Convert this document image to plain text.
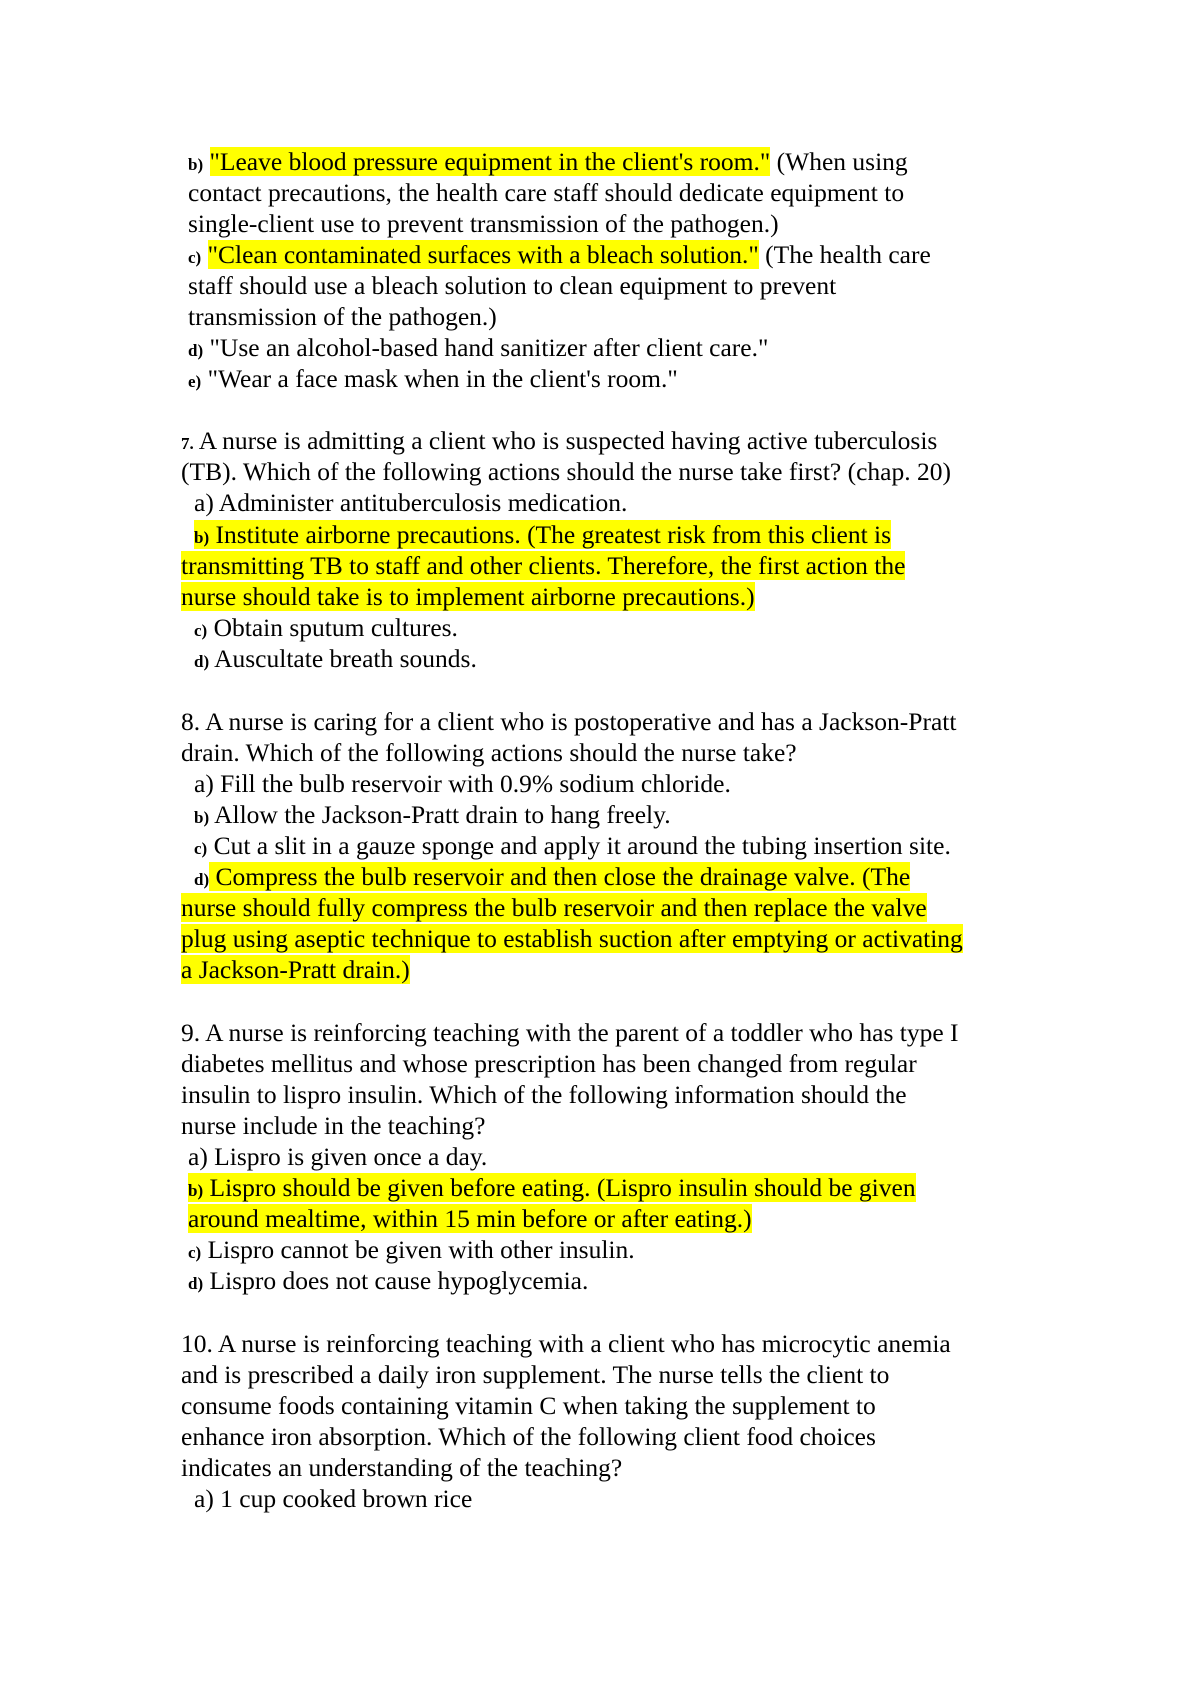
b) "Leave blood pressure equipment in the client's room." (When using
contact precautions, the health care staff should dedicate equipment to
single-client use to prevent transmission of the pathogen.)
c) "Clean contaminated surfaces with a bleach solution." (The health care
staff should use a bleach solution to clean equipment to prevent
transmission of the pathogen.)
d) "Use an alcohol-based hand sanitizer after client care."
e) "Wear a face mask when in the client's room."
7. A nurse is admitting a client who is suspected having active tuberculosis
(TB). Which of the following actions should the nurse take first? (chap. 20)
a) Administer antituberculosis medication.
b) Institute airborne precautions. (The greatest risk from this client is
transmitting TB to staff and other clients. Therefore, the first action the
nurse should take is to implement airborne precautions.)
c) Obtain sputum cultures.
d) Auscultate breath sounds.
8. A nurse is caring for a client who is postoperative and has a Jackson-Pratt
drain. Which of the following actions should the nurse take?
a) Fill the bulb reservoir with 0.9% sodium chloride.
b) Allow the Jackson-Pratt drain to hang freely.
c) Cut a slit in a gauze sponge and apply it around the tubing insertion site.
d) Compress the bulb reservoir and then close the drainage valve. (The
nurse should fully compress the bulb reservoir and then replace the valve
plug using aseptic technique to establish suction after emptying or activating
a Jackson-Pratt drain.)
9. A nurse is reinforcing teaching with the parent of a toddler who has type I
diabetes mellitus and whose prescription has been changed from regular
insulin to lispro insulin. Which of the following information should the
nurse include in the teaching?
a) Lispro is given once a day.
b) Lispro should be given before eating. (Lispro insulin should be given
around mealtime, within 15 min before or after eating.)
c) Lispro cannot be given with other insulin.
d) Lispro does not cause hypoglycemia.
10. A nurse is reinforcing teaching with a client who has microcytic anemia
and is prescribed a daily iron supplement. The nurse tells the client to
consume foods containing vitamin C when taking the supplement to
enhance iron absorption. Which of the following client food choices
indicates an understanding of the teaching?
a) 1 cup cooked brown rice
